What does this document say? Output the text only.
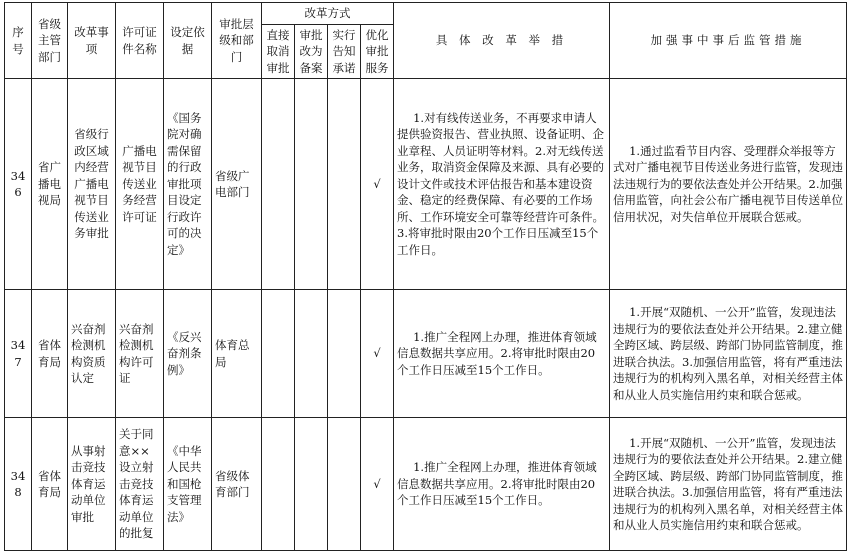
序号	省级主管部门	改革事项	许可证件名称	设定依据	审批层级和部门	改革方式				具 体 改 革 举 措	加强事中事后监管措施
						直接取消审批	审批改为备案	实行告知承诺	优化审批服务		
346	省广播电视局	省级行政区域内经营广播电视节目传送业务审批	广播电视节目传送业务经营许可证	《国务院对确需保留的行政审批项目设定行政许可的决定》	省级广电部门				√	1.对有线传送业务，不再要求申请人提供验资报告、营业执照、设备证明、企业章程、人员证明等材料。2.对无线传送业务，取消资金保障及来源、具有必要的设计文件或技术评估报告和基本建设资金、稳定的经费保障、有必要的工作场所、工作环境安全可靠等经营许可条件。3.将审批时限由20个工作日压减至15个工作日。	1.通过监看节目内容、受理群众举报等方式对广播电视节目传送业务进行监管，发现违法违规行为的要依法查处并公开结果。2.加强信用监管，向社会公布广播电视节目传送单位信用状况，对失信单位开展联合惩戒。
347	省体育局	兴奋剂检测机构资质认定	兴奋剂检测机构许可证	《反兴奋剂条例》	体育总局				√	1.推广全程网上办理，推进体育领域信息数据共享应用。2.将审批时限由20个工作日压减至15个工作日。	1.开展“双随机、一公开”监管，发现违法违规行为的要依法查处并公开结果。2.建立健全跨区域、跨层级、跨部门协同监管制度，推进联合执法。3.加强信用监管，将有严重违法违规行为的机构列入黑名单，对相关经营主体和从业人员实施信用约束和联合惩戒。
348	省体育局	从事射击竞技体育运动单位审批	关于同意××设立射击竞技体育运动单位的批复	《中华人民共和国枪支管理法》	省级体育部门				√	1.推广全程网上办理，推进体育领域信息数据共享应用。2.将审批时限由20个工作日压减至15个工作日。	1.开展“双随机、一公开”监管，发现违法违规行为的要依法查处并公开结果。2.建立健全跨区域、跨层级、跨部门协同监管制度，推进联合执法。3.加强信用监管，将有严重违法违规行为的机构列入黑名单，对相关经营主体和从业人员实施信用约束和联合惩戒。
